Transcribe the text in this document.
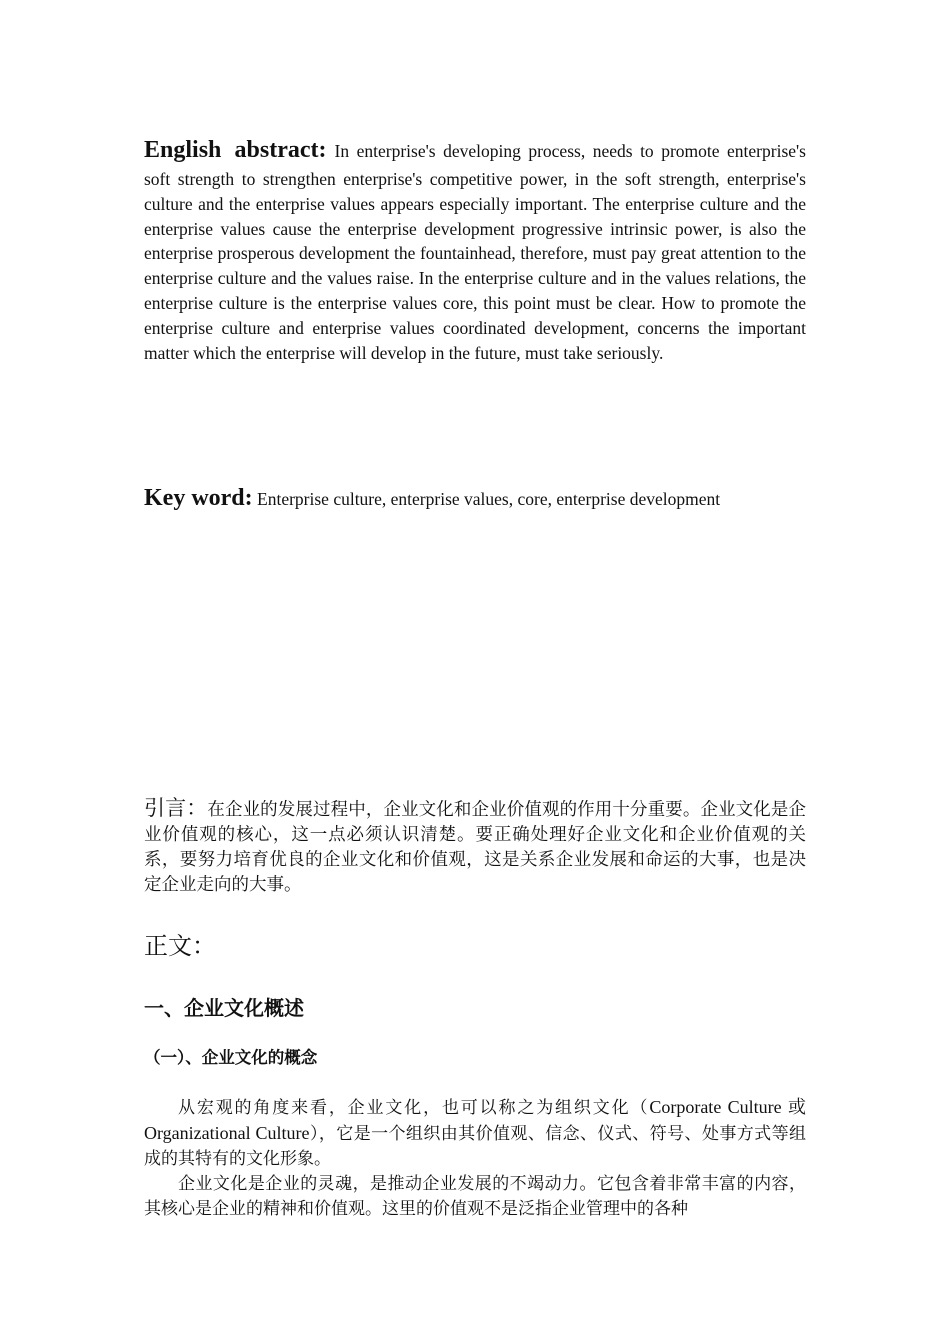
English abstract: In enterprise's developing process, needs to promote enterprise's soft strength to strengthen enterprise's competitive power, in the soft strength, enterprise's culture and the enterprise values appears especially important. The enterprise culture and the enterprise values cause the enterprise development progressive intrinsic power, is also the enterprise prosperous development the fountainhead, therefore, must pay great attention to the enterprise culture and the values raise. In the enterprise culture and in the values relations, the enterprise culture is the enterprise values core, this point must be clear. How to promote the enterprise culture and enterprise values coordinated development, concerns the important matter which the enterprise will develop in the future, must take seriously.
Key word: Enterprise culture, enterprise values, core, enterprise development
引言：在企业的发展过程中，企业文化和企业价值观的作用十分重要。企业文化是企业价值观的核心，这一点必须认识清楚。要正确处理好企业文化和企业价值观的关系，要努力培育优良的企业文化和价值观，这是关系企业发展和命运的大事，也是决定企业走向的大事。
正文：
一、企业文化概述
（一）、企业文化的概念

从宏观的角度来看，企业文化，也可以称之为组织文化（Corporate Culture 或 Organizational Culture），它是一个组织由其价值观、信念、仪式、符号、处事方式等组成的其特有的文化形象。

企业文化是企业的灵魂，是推动企业发展的不竭动力。它包含着非常丰富的内容，其核心是企业的精神和价值观。这里的价值观不是泛指企业管理中的各种
